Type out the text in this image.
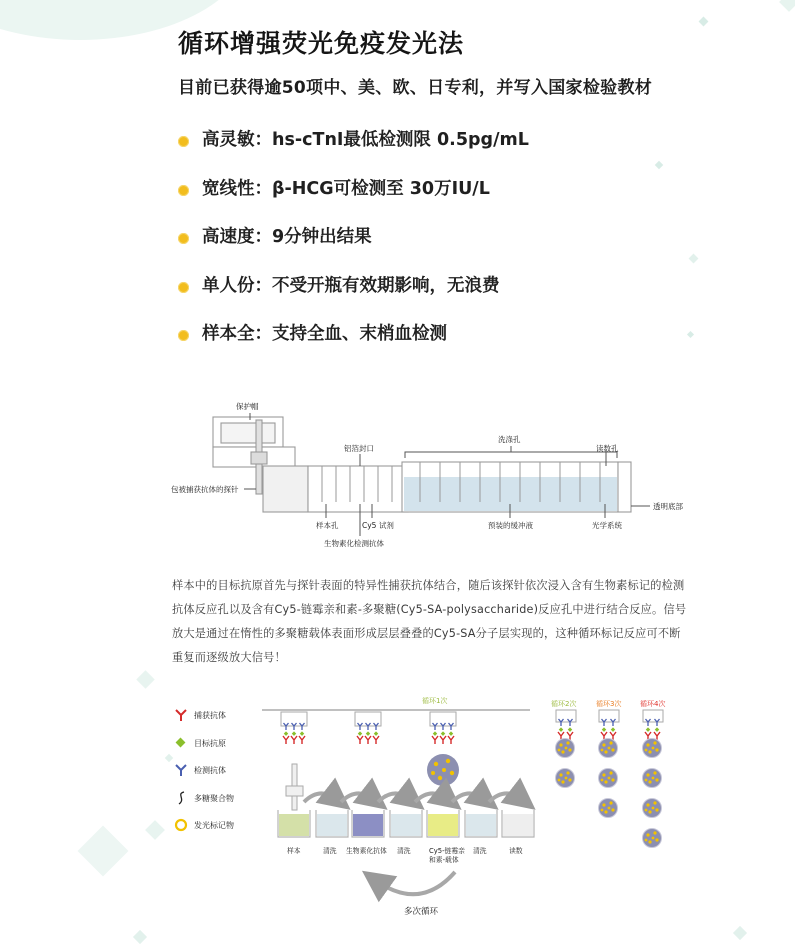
循环增强荧光免疫发光法
目前已获得逾50项中、美、欧、日专利，并写入国家检验教材
高灵敏：hs-cTnI最低检测限 0.5pg/mL
宽线性：β-HCG可检测至 30万IU/L
高速度：9分钟出结果
单人份：不受开瓶有效期影响，无浪费
样本全：支持全血、末梢血检测
保护帽
包被捕获抗体的探针
铝箔封口
洗涤孔
读数孔
透明底部
样本孔	Cy5 试剂	预装的缓冲液	光学系统
生物素化检测抗体
样本中的目标抗原首先与探针表面的特异性捕获抗体结合，随后该探针依次浸入含有生物素标记的检测抗体反应孔以及含有Cy5-链霉亲和素-多聚糖(Cy5-SA-polysaccharide)反应孔中进行结合反应。信号放大是通过在惰性的多聚糖载体表面形成层层叠叠的Cy5-SA分子层实现的，这种循环标记反应可不断重复而逐级放大信号！
捕获抗体
目标抗原
检测抗体
多糖聚合物
发光标记物
循环1次	循环2次	循环3次	循环4次
样本	清洗 生物素化抗体 清洗	Cy5-链霉亲
和素-载体
清洗	读数
多次循环
